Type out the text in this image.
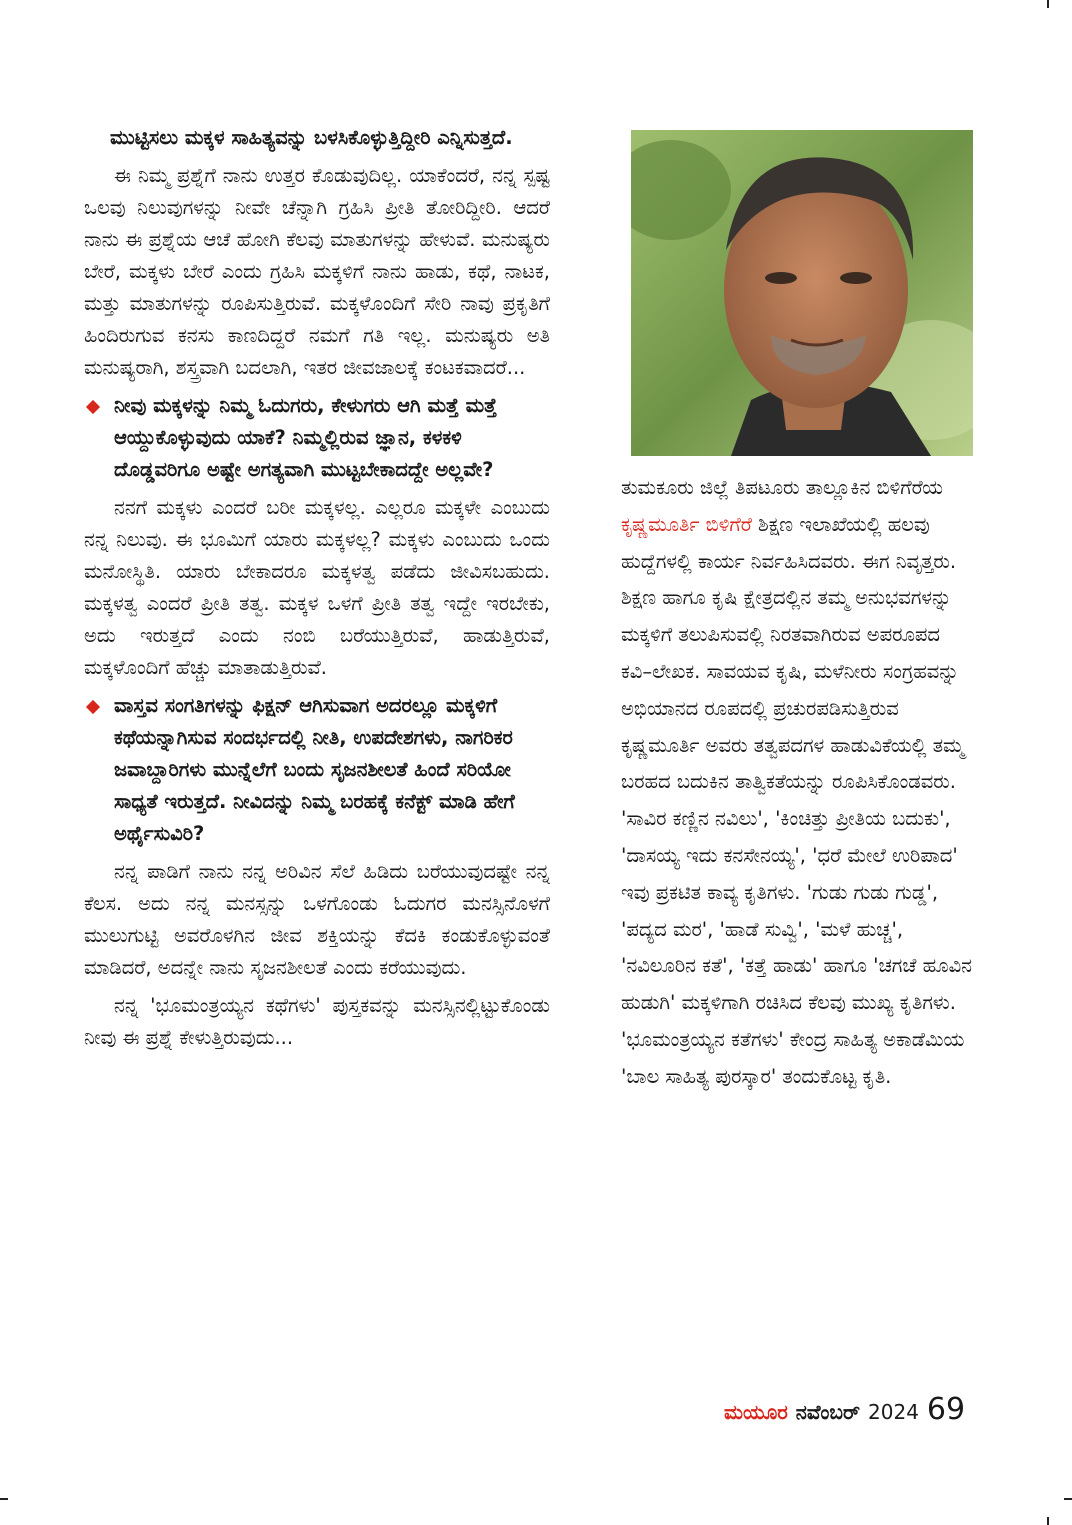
ಮುಟ್ಟಿಸಲು ಮಕ್ಕಳ ಸಾಹಿತ್ಯವನ್ನು ಬಳಸಿಕೊಳ್ಳುತ್ತಿದ್ದೀರಿ ಎನ್ನಿಸುತ್ತದೆ.

ಈ ನಿಮ್ಮ ಪ್ರಶ್ನೆಗೆ ನಾನು ಉತ್ತರ ಕೊಡುವುದಿಲ್ಲ. ಯಾಕೆಂದರೆ, ನನ್ನ ಸ್ಪಷ್ಟ ಒಲವು ನಿಲುವುಗಳನ್ನು ನೀವೇ ಚೆನ್ನಾಗಿ ಗ್ರಹಿಸಿ ಪ್ರೀತಿ ತೋರಿದ್ದೀರಿ. ಆದರೆ ನಾನು ಈ ಪ್ರಶ್ನೆಯ ಆಚೆ ಹೋಗಿ ಕೆಲವು ಮಾತುಗಳನ್ನು ಹೇಳುವೆ. ಮನುಷ್ಯರು ಬೇರೆ, ಮಕ್ಕಳು ಬೇರೆ ಎಂದು ಗ್ರಹಿಸಿ ಮಕ್ಕಳಿಗೆ ನಾನು ಹಾಡು, ಕಥೆ, ನಾಟಕ, ಮತ್ತು ಮಾತುಗಳನ್ನು ರೂಪಿಸುತ್ತಿರುವೆ. ಮಕ್ಕಳೊಂದಿಗೆ ಸೇರಿ ನಾವು ಪ್ರಕೃತಿಗೆ ಹಿಂದಿರುಗುವ ಕನಸು ಕಾಣದಿದ್ದರೆ ನಮಗೆ ಗತಿ ಇಲ್ಲ. ಮನುಷ್ಯರು ಅತಿ ಮನುಷ್ಯರಾಗಿ, ಶಸ್ತ್ರವಾಗಿ ಬದಲಾಗಿ, ಇತರ ಜೀವಜಾಲಕ್ಕೆ ಕಂಟಕವಾದರೆ...

ನೀವು ಮಕ್ಕಳನ್ನು ನಿಮ್ಮ ಓದುಗರು, ಕೇಳುಗರು ಆಗಿ ಮತ್ತೆ ಮತ್ತೆ ಆಯ್ದುಕೊಳ್ಳುವುದು ಯಾಕೆ? ನಿಮ್ಮಲ್ಲಿರುವ ಜ್ಞಾನ, ಕಳಕಳಿ ದೊಡ್ಡವರಿಗೂ ಅಷ್ಟೇ ಅಗತ್ಯವಾಗಿ ಮುಟ್ಟಬೇಕಾದದ್ದೇ ಅಲ್ಲವೇ?

ನನಗೆ ಮಕ್ಕಳು ಎಂದರೆ ಬರೀ ಮಕ್ಕಳಲ್ಲ. ಎಲ್ಲರೂ ಮಕ್ಕಳೇ ಎಂಬುದು ನನ್ನ ನಿಲುವು. ಈ ಭೂಮಿಗೆ ಯಾರು ಮಕ್ಕಳಲ್ಲ? ಮಕ್ಕಳು ಎಂಬುದು ಒಂದು ಮನೋಸ್ಥಿತಿ. ಯಾರು ಬೇಕಾದರೂ ಮಕ್ಕಳತ್ವ ಪಡೆದು ಜೀವಿಸಬಹುದು. ಮಕ್ಕಳತ್ವ ಎಂದರೆ ಪ್ರೀತಿ ತತ್ವ. ಮಕ್ಕಳ ಒಳಗೆ ಪ್ರೀತಿ ತತ್ವ ಇದ್ದೇ ಇರಬೇಕು, ಅದು ಇರುತ್ತದೆ ಎಂದು ನಂಬಿ ಬರೆಯುತ್ತಿರುವೆ, ಹಾಡುತ್ತಿರುವೆ, ಮಕ್ಕಳೊಂದಿಗೆ ಹೆಚ್ಚು ಮಾತಾಡುತ್ತಿರುವೆ.

ವಾಸ್ತವ ಸಂಗತಿಗಳನ್ನು ಫಿಕ್ಷನ್ ಆಗಿಸುವಾಗ ಅದರಲ್ಲೂ ಮಕ್ಕಳಿಗೆ ಕಥೆಯನ್ನಾಗಿಸುವ ಸಂದರ್ಭದಲ್ಲಿ ನೀತಿ, ಉಪದೇಶಗಳು, ನಾಗರಿಕರ ಜವಾಬ್ದಾರಿಗಳು ಮುನ್ನೆಲೆಗೆ ಬಂದು ಸೃಜನಶೀಲತೆ ಹಿಂದೆ ಸರಿಯೋ ಸಾಧ್ಯತೆ ಇರುತ್ತದೆ. ನೀವಿದನ್ನು ನಿಮ್ಮ ಬರಹಕ್ಕೆ ಕನೆಕ್ಟ್ ಮಾಡಿ ಹೇಗೆ ಅರ್ಥೈಸುವಿರಿ?

ನನ್ನ ಪಾಡಿಗೆ ನಾನು ನನ್ನ ಅರಿವಿನ ಸೆಲೆ ಹಿಡಿದು ಬರೆಯುವುದಷ್ಟೇ ನನ್ನ ಕೆಲಸ. ಅದು ನನ್ನ ಮನಸ್ಸನ್ನು ಒಳಗೊಂಡು ಓದುಗರ ಮನಸ್ಸಿನೊಳಗೆ ಮುಲುಗುಟ್ಟಿ ಅವರೊಳಗಿನ ಜೀವ ಶಕ್ತಿಯನ್ನು ಕೆದಕಿ ಕಂಡುಕೊಳ್ಳುವಂತೆ ಮಾಡಿದರೆ, ಅದನ್ನೇ ನಾನು ಸೃಜನಶೀಲತೆ ಎಂದು ಕರೆಯುವುದು.

ನನ್ನ 'ಭೂಮಂತ್ರಯ್ಯನ ಕಥೆಗಳು' ಪುಸ್ತಕವನ್ನು ಮನಸ್ಸಿನಲ್ಲಿಟ್ಟುಕೊಂಡು ನೀವು ಈ ಪ್ರಶ್ನೆ ಕೇಳುತ್ತಿರುವುದು...

ತುಮಕೂರು ಜಿಲ್ಲೆ ತಿಪಟೂರು ತಾಲ್ಲೂಕಿನ ಬಿಳಿಗೆರೆಯ ಕೃಷ್ಣಮೂರ್ತಿ ಬಿಳಿಗೆರೆ ಶಿಕ್ಷಣ ಇಲಾಖೆಯಲ್ಲಿ ಹಲವು ಹುದ್ದೆಗಳಲ್ಲಿ ಕಾರ್ಯ ನಿರ್ವಹಿಸಿದವರು. ಈಗ ನಿವೃತ್ತರು. ಶಿಕ್ಷಣ ಹಾಗೂ ಕೃಷಿ ಕ್ಷೇತ್ರದಲ್ಲಿನ ತಮ್ಮ ಅನುಭವಗಳನ್ನು ಮಕ್ಕಳಿಗೆ ತಲುಪಿಸುವಲ್ಲಿ ನಿರತವಾಗಿರುವ ಅಪರೂಪದ ಕವಿ–ಲೇಖಕ. ಸಾವಯವ ಕೃಷಿ, ಮಳೆನೀರು ಸಂಗ್ರಹವನ್ನು ಅಭಿಯಾನದ ರೂಪದಲ್ಲಿ ಪ್ರಚುರಪಡಿಸುತ್ತಿರುವ ಕೃಷ್ಣಮೂರ್ತಿ ಅವರು ತತ್ವಪದಗಳ ಹಾಡುವಿಕೆಯಲ್ಲಿ ತಮ್ಮ ಬರಹದ ಬದುಕಿನ ತಾತ್ವಿಕತೆಯನ್ನು ರೂಪಿಸಿಕೊಂಡವರು. 'ಸಾವಿರ ಕಣ್ಣಿನ ನವಿಲು', 'ಕಿಂಚಿತ್ತು ಪ್ರೀತಿಯ ಬದುಕು', 'ದಾಸಯ್ಯ ಇದು ಕನಸೇನಯ್ಯ', 'ಧರೆ ಮೇಲೆ ಉರಿಪಾದ' ಇವು ಪ್ರಕಟಿತ ಕಾವ್ಯ ಕೃತಿಗಳು. 'ಗುಡು ಗುಡು ಗುಡ್ಡ', 'ಪದ್ಯದ ಮರ', 'ಹಾಡೆ ಸುವ್ವಿ', 'ಮಳೆ ಹುಚ್ಚ', 'ನವಿಲೂರಿನ ಕತೆ', 'ಕತ್ತೆ ಹಾಡು' ಹಾಗೂ 'ಚಗಚೆ ಹೂವಿನ ಹುಡುಗಿ' ಮಕ್ಕಳಿಗಾಗಿ ರಚಿಸಿದ ಕೆಲವು ಮುಖ್ಯ ಕೃತಿಗಳು. 'ಭೂಮಂತ್ರಯ್ಯನ ಕತೆಗಳು' ಕೇಂದ್ರ ಸಾಹಿತ್ಯ ಅಕಾಡೆಮಿಯ 'ಬಾಲ ಸಾಹಿತ್ಯ ಪುರಸ್ಕಾರ' ತಂದುಕೊಟ್ಟ ಕೃತಿ.
ಮಯೂರ ನವೆಂಬರ್ 2024 69
